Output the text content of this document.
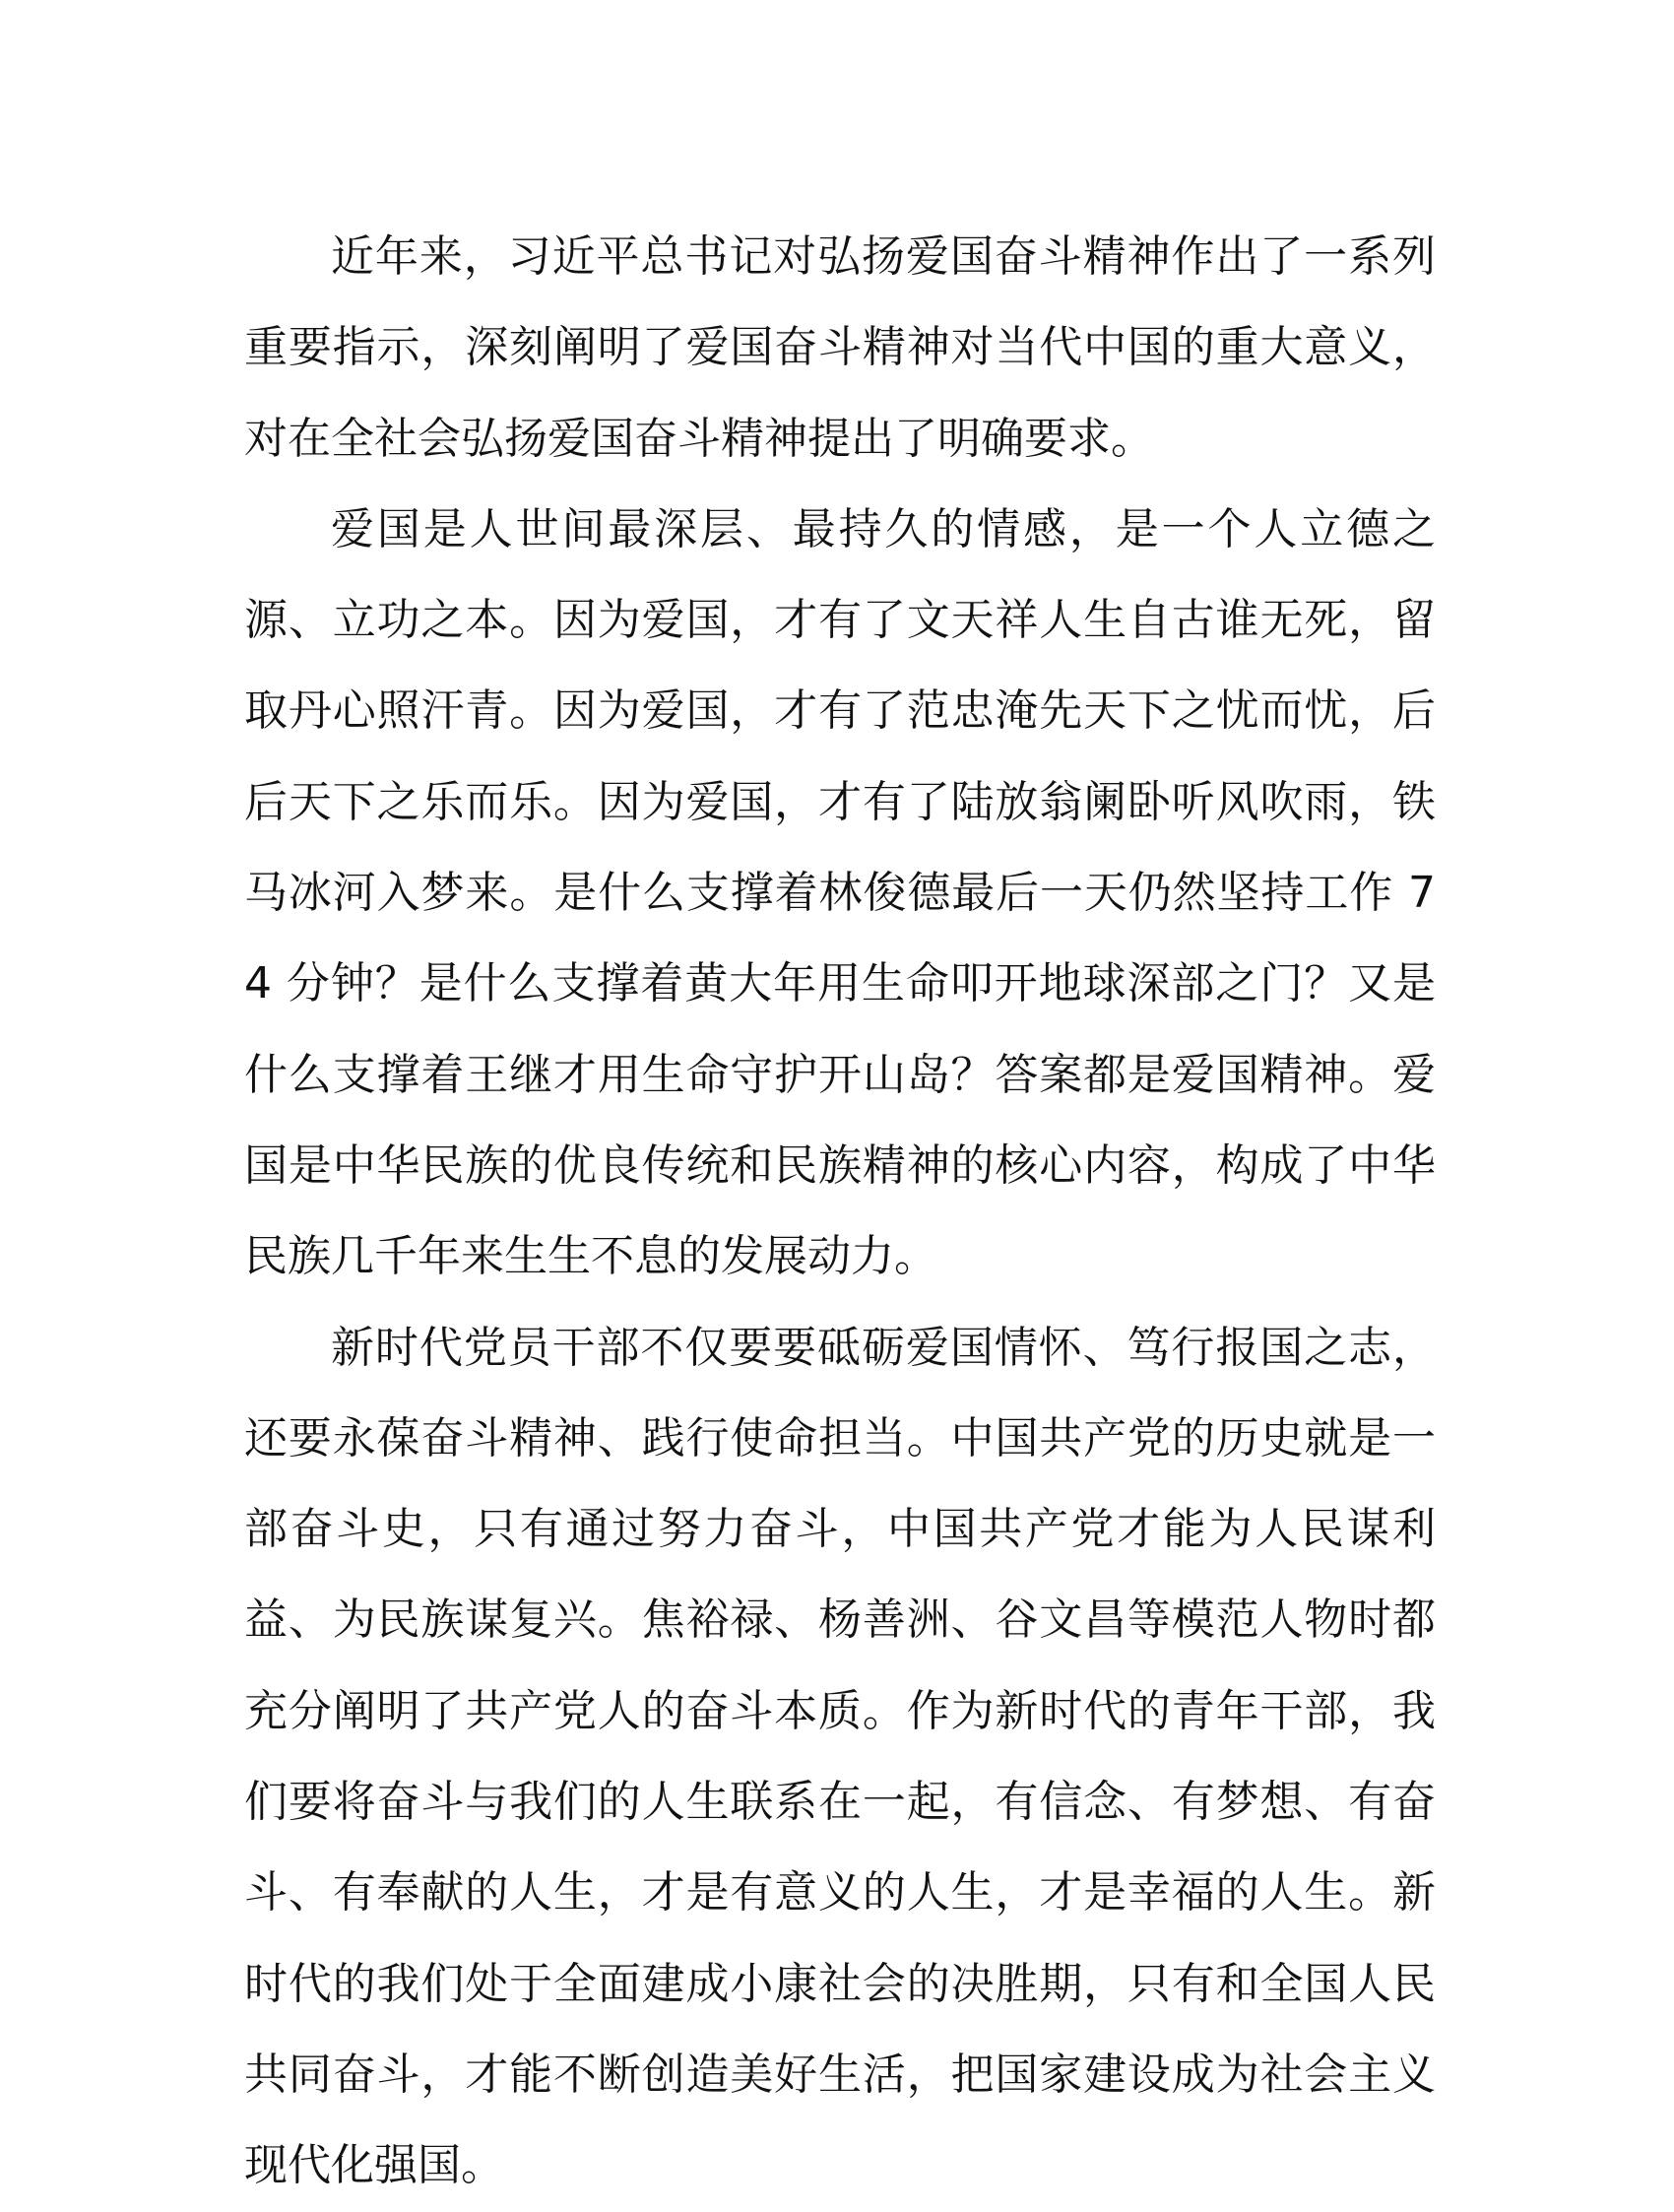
近年来，习近平总书记对弘扬爱国奋斗精神作出了一系列重要指示，深刻阐明了爱国奋斗精神对当代中国的重大意义，对在全社会弘扬爱国奋斗精神提出了明确要求。

爱国是人世间最深层、最持久的情感，是一个人立德之源、立功之本。因为爱国，才有了文天祥人生自古谁无死，留取丹心照汗青。因为爱国，才有了范忠淹先天下之忧而忧，后后天下之乐而乐。因为爱国，才有了陆放翁阑卧听风吹雨，铁马冰河入梦来。是什么支撑着林俊德最后一天仍然坚持工作 74 分钟？是什么支撑着黄大年用生命叩开地球深部之门？又是什么支撑着王继才用生命守护开山岛？答案都是爱国精神。爱国是中华民族的优良传统和民族精神的核心内容，构成了中华民族几千年来生生不息的发展动力。

新时代党员干部不仅要要砥砺爱国情怀、笃行报国之志，还要永葆奋斗精神、践行使命担当。中国共产党的历史就是一部奋斗史，只有通过努力奋斗，中国共产党才能为人民谋利益、为民族谋复兴。焦裕禄、杨善洲、谷文昌等模范人物时都充分阐明了共产党人的奋斗本质。作为新时代的青年干部，我们要将奋斗与我们的人生联系在一起，有信念、有梦想、有奋斗、有奉献的人生，才是有意义的人生，才是幸福的人生。新时代的我们处于全面建成小康社会的决胜期，只有和全国人民共同奋斗，才能不断创造美好生活，把国家建设成为社会主义现代化强国。
